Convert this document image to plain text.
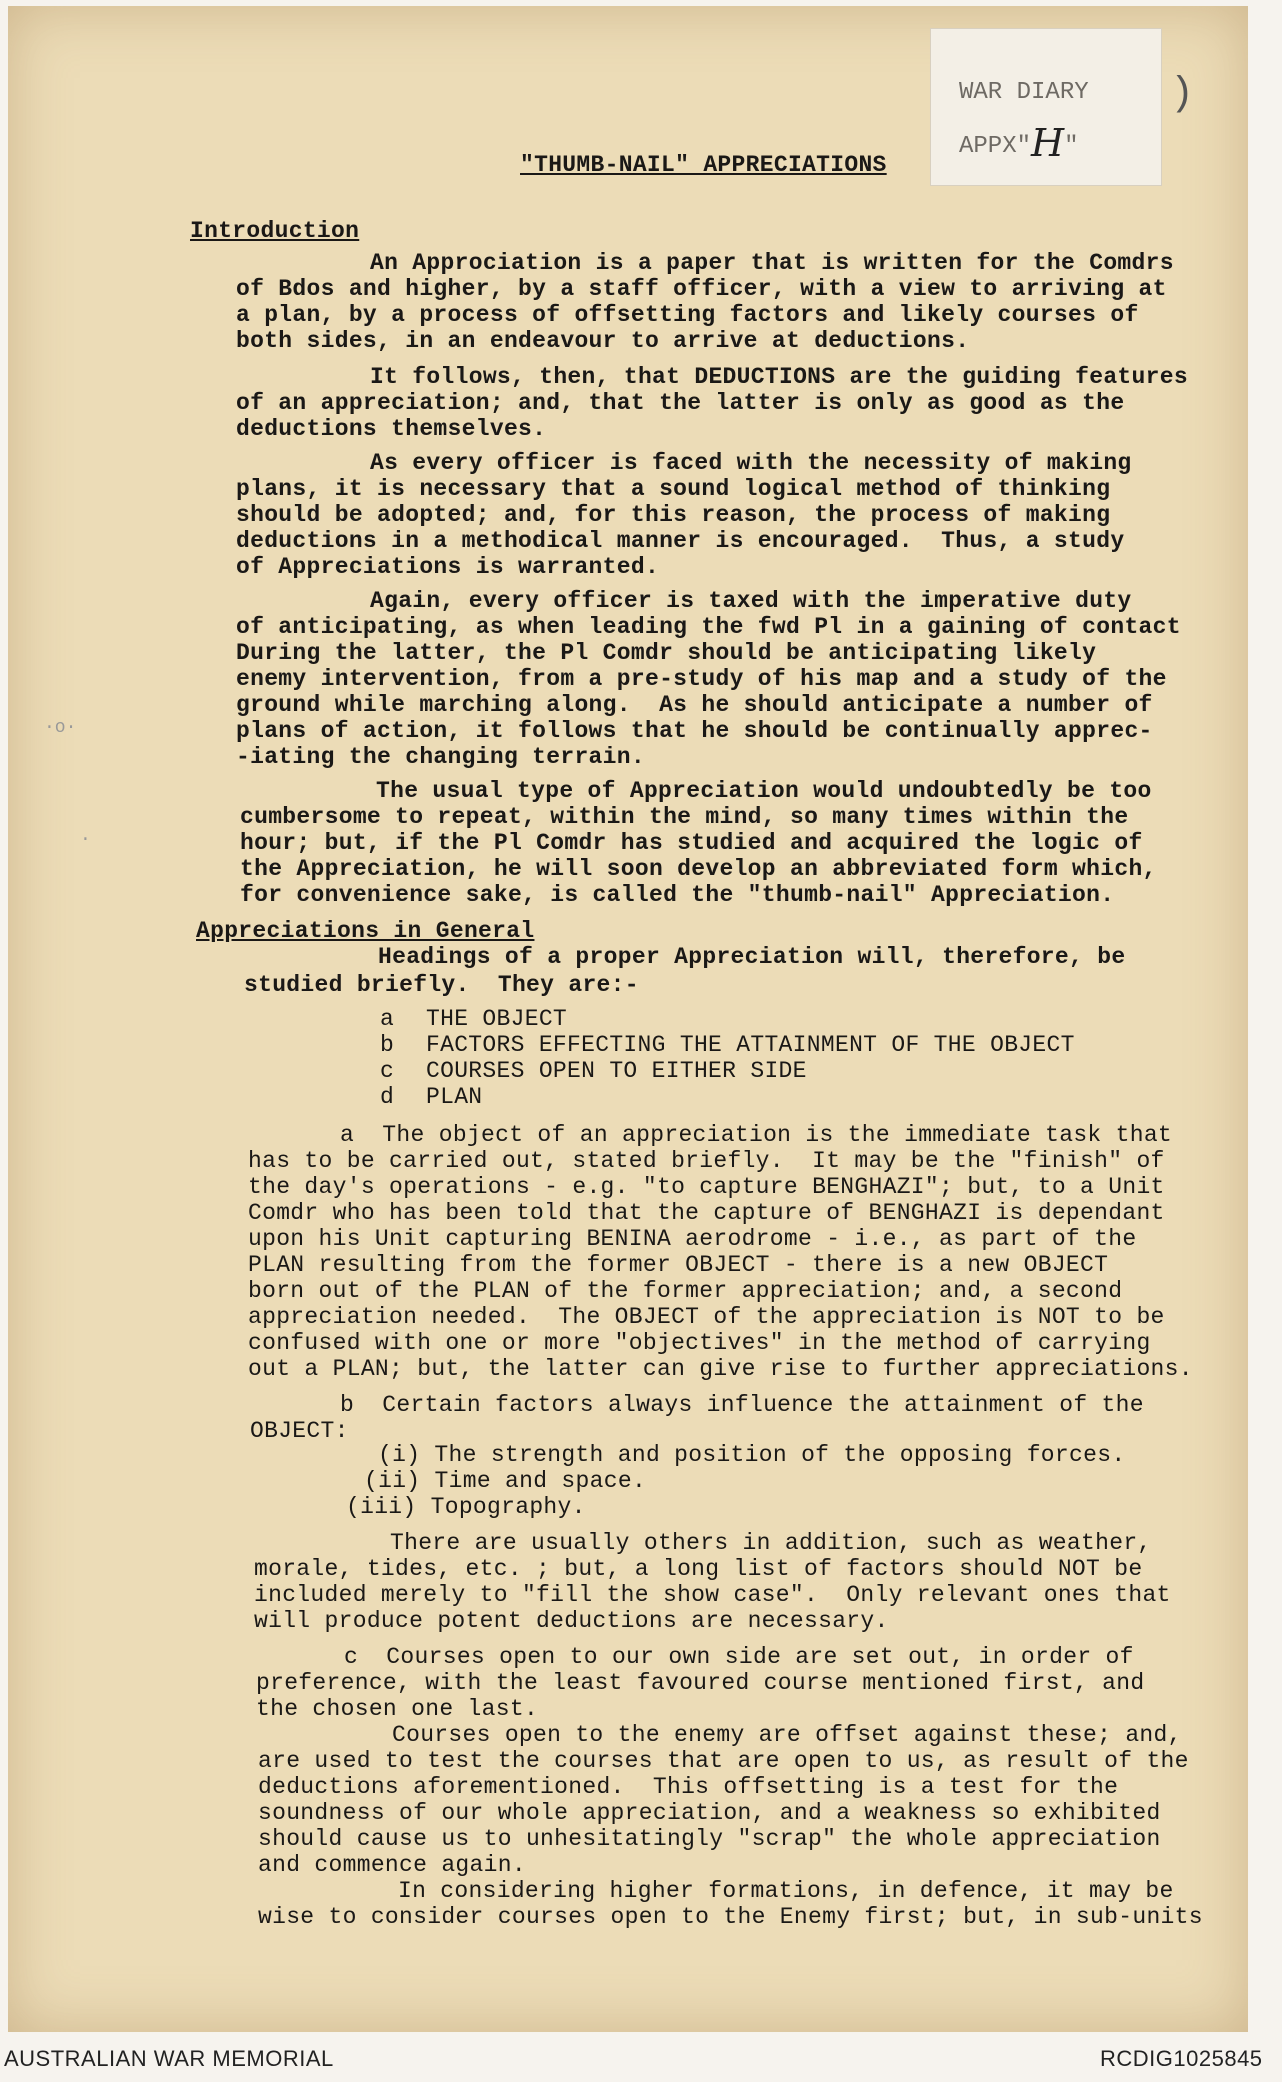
WAR DIARY
APPX"H"
)
"THUMB-NAIL" APPRECIATIONS
Introduction
An Approciation is a paper that is written for the Comdrs
of Bdos and higher, by a staff officer, with a view to arriving at
a plan, by a process of offsetting factors and likely courses of
both sides, in an endeavour to arrive at deductions.
It follows, then, that DEDUCTIONS are the guiding features
of an appreciation; and, that the latter is only as good as the
deductions themselves.
As every officer is faced with the necessity of making
plans, it is necessary that a sound logical method of thinking
should be adopted; and, for this reason, the process of making
deductions in a methodical manner is encouraged.  Thus, a study
of Appreciations is warranted.
Again, every officer is taxed with the imperative duty
of anticipating, as when leading the fwd Pl in a gaining of contact
During the latter, the Pl Comdr should be anticipating likely
enemy intervention, from a pre-study of his map and a study of the
ground while marching along.  As he should anticipate a number of
plans of action, it follows that he should be continually apprec-
-iating the changing terrain.
The usual type of Appreciation would undoubtedly be too
cumbersome to repeat, within the mind, so many times within the
hour; but, if the Pl Comdr has studied and acquired the logic of
the Appreciation, he will soon develop an abbreviated form which,
for convenience sake, is called the "thumb-nail" Appreciation.
Appreciations in General
Headings of a proper Appreciation will, therefore, be
studied briefly.  They are:-
a THE OBJECT
b FACTORS EFFECTING THE ATTAINMENT OF THE OBJECT
c COURSES OPEN TO EITHER SIDE
d PLAN
a  The object of an appreciation is the immediate task that
has to be carried out, stated briefly.  It may be the "finish" of
the day's operations - e.g. "to capture BENGHAZI"; but, to a Unit
Comdr who has been told that the capture of BENGHAZI is dependant
upon his Unit capturing BENINA aerodrome - i.e., as part of the
PLAN resulting from the former OBJECT - there is a new OBJECT
born out of the PLAN of the former appreciation; and, a second
appreciation needed.  The OBJECT of the appreciation is NOT to be
confused with one or more "objectives" in the method of carrying
out a PLAN; but, the latter can give rise to further appreciations.
b  Certain factors always influence the attainment of the
OBJECT:
(i) The strength and position of the opposing forces.
(ii) Time and space.
(iii) Topography.
There are usually others in addition, such as weather,
morale, tides, etc. ; but, a long list of factors should NOT be
included merely to "fill the show case".  Only relevant ones that
will produce potent deductions are necessary.
c  Courses open to our own side are set out, in order of
preference, with the least favoured course mentioned first, and
the chosen one last.
Courses open to the enemy are offset against these; and,
are used to test the courses that are open to us, as result of the
deductions aforementioned.  This offsetting is a test for the
soundness of our whole appreciation, and a weakness so exhibited
should cause us to unhesitatingly "scrap" the whole appreciation
and commence again.
In considering higher formations, in defence, it may be
wise to consider courses open to the Enemy first; but, in sub-units
·o·
·
AUSTRALIAN WAR MEMORIAL	RCDIG1025845
